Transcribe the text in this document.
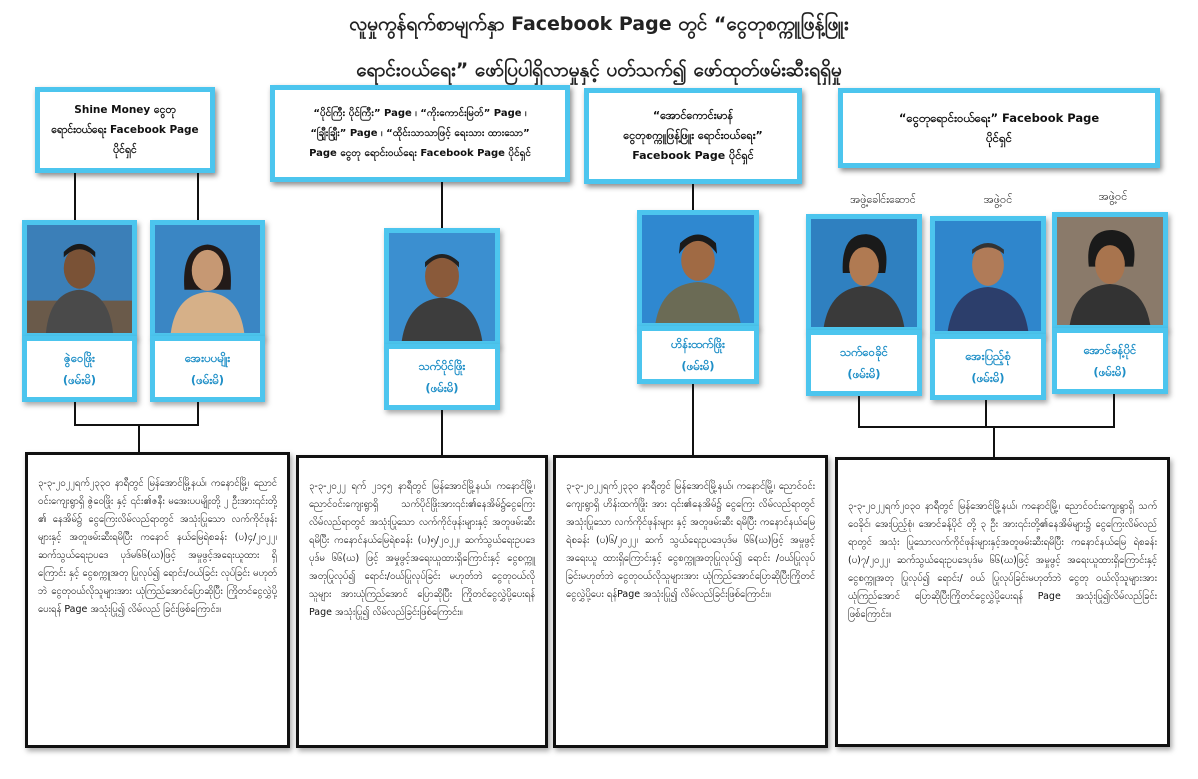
လူမှုကွန်ရက်စာမျက်နှာ Facebook Page တွင် “ငွေတုစက္ကူဖြန့်ဖြူး
ရောင်းဝယ်ရေး” ဖော်ပြပါရှိလာမှုနှင့် ပတ်သက်၍ ဖော်ထုတ်ဖမ်းဆီးရရှိမှု
Shine Money ငွေတု
ရောင်းဝယ်ရေး Facebook Page
ပိုင်ရှင်
ဇွဲဝေဖြိုး
(ဖမ်းမိ)
အေးပပမျိုး
(ဖမ်းမိ)
၃-၃-၂၀၂၂ရက်၂၃၃၀ နာရီတွင် မြန်အောင်မြို့နယ်၊ ကနောင်မြို့၊ ညောင်ဝင်းကျေးရွာရှိ ဇွဲဝေဖြိုး နှင့် ၎င်း၏ဇနီး မအေးပပမျိုးတို့ ၂ ဦးအား၎င်းတို့ ၏ နေအိမ်၌ ငွေကြေးလိမ်လည်ရာတွင် အသုံးပြုသော လက်ကိုင်ဖုန်းများနှင့် အတူဖမ်းဆီးရမိပြီး ကနောင် နယ်မြေရဲစခန်း (ပ)၄/၂၀၂၂၊ ဆက်သွယ်ရေးဥပဒေ ပုဒ်မ၆၆(ဃ)ဖြင့် အမှုဖွင့်အရေးယူထား ရှိကြောင်း နှင့် ငွေစက္ကူအတု ပြုလုပ်၍ ရောင်း/ဝယ်ခြင်း လုပ်ခြင်း မဟုတ်ဘဲ ငွေတုဝယ်လိုသူများအား ယုံကြည်အောင်ပြောဆိုပြီး ကြိုတင်ငွေလွှဲပို့ပေးရန် Page အသုံးပြု၍ လိမ်လည် ခြင်းဖြစ်ကြောင်း။
“ပိုင်ကြီး ပိုင်ကြီး” Page ၊ “ကိုးကောင်းမြတ်” Page ၊
“ချြီးချြီး” Page ၊ “ထိုင်းသာသာဖြင့် ရေးသား ထားသော”
Page ငွေတု ရောင်းဝယ်ရေး Facebook Page ပိုင်ရှင်
သက်ပိုင်ဖြိုး
(ဖမ်းမိ)
၃-၃-၂၀၂၂ ရက် ၂၁၄၅ နာရီတွင် မြန်အောင်မြို့နယ်၊ ကနောင်မြို့၊ ညောင်ဝင်းကျေးရွာရှိ သက်ပိုင်ဖြိုးအား၎င်း၏နေအိမ်၌ငွေကြေးလိမ်လည်ရာတွင် အသုံးပြုသော လက်ကိုင်ဖုန်းများနှင့် အတူဖမ်းဆီးရမိပြီး ကနောင်နယ်မြေရဲစခန်း (ပ)၅/၂၀၂၂၊ ဆက်သွယ်ရေးဥပဒေပုဒ်မ ၆၆(ဃ) ဖြင့် အမှုဖွင့်အရေးယူထားရှိကြောင်းနှင့် ငွေစက္ကူ အတုပြုလုပ်၍ ရောင်း/ဝယ်ပြုလုပ်ခြင်း မဟုတ်ဘဲ ငွေတုဝယ်လိုသူများ အားယုံကြည်အောင် ပြောဆိုပြီး ကြိုတင်ငွေလွှဲပို့ပေးရန် Page အသုံးပြု၍ လိမ်လည်ခြင်းဖြစ်ကြောင်း။
“အောင်ကောင်းမာန်
ငွေတုစက္ကူဖြန့်ဖြူး ရောင်းဝယ်ရေး”
Facebook Page ပိုင်ရှင်
ဟိန်းထက်ဖြိုး
(ဖမ်းမိ)
၃-၃-၂၀၂၂ရက်၂၃၃၀ နာရီတွင် မြန်အောင်မြို့နယ်၊ ကနောင်မြို့၊ ညောင်ဝင်းကျေးရွာရှိ ဟိန်းထက်ဖြိုး အား ၎င်း၏နေအိမ်၌ ငွေကြေး လိမ်လည်ရာတွင် အသုံးပြုသော လက်ကိုင်ဖုန်းများ နှင့် အတူဖမ်းဆီး ရမိပြီး ကနောင်နယ်မြေရဲစခန်း (ပ)၆/၂၀၂၂၊ ဆက် သွယ်ရေးဥပဒေပုဒ်မ ၆၆(ဃ)ဖြင့် အမှုဖွင့် အရေးယူ ထားရှိကြောင်းနှင့် ငွေစက္ကူအတုပြုလုပ်၍ ရောင်း /ဝယ်ပြုလုပ်ခြင်းမဟုတ်ဘဲ ငွေတုဝယ်လိုသူများအား ယုံကြည်အောင်ပြောဆိုပြီးကြိုတင်ငွေလွှဲပို့ပေး ရန်Page အသုံးပြု၍ လိမ်လည်ခြင်းဖြစ်ကြောင်း။
“ငွေတုရောင်းဝယ်ရေး” Facebook Page
ပိုင်ရှင်
အဖွဲ့ခေါင်းဆောင်	အဖွဲ့ဝင်	အဖွဲ့ဝင်
သက်ဝေခိုင်
(ဖမ်းမိ)
အေးပြည့်စုံ
(ဖမ်းမိ)
အောင်ခန့်ပိုင်
(ဖမ်းမိ)
၃-၃-၂၀၂၂ရက်၂၀၃၀ နာရီတွင် မြန်အောင်မြို့နယ်၊ ကနောင်မြို့၊ ညောင်ဝင်းကျေးရွာရှိ သက်ဝေခိုင်၊ အေးပြည့်စုံ၊ အောင်ခန့်ပိုင် တို့ ၃ ဦး အား၎င်းတို့၏နေအိမ်များ၌ ငွေကြေးလိမ်လည်ရာတွင် အသုံး ပြုသောလက်ကိုင်ဖုန်းများနှင့်အတူဖမ်းဆီးရမိပြီး ကနောင်နယ်မြေ ရဲစခန်း (ပ)၇/၂၀၂၂၊ ဆက်သွယ်ရေးဥပဒေပုဒ်မ ၆၆(ဃ)ဖြင့် အမှုဖွင့် အရေးယူထားရှိကြောင်းနှင့် ငွေစက္ကူအတု ပြုလုပ်၍ ရောင်း/ ဝယ် ပြုလုပ်ခြင်းမဟုတ်ဘဲ ငွေတု ဝယ်လိုသူများအား ယုံကြည်အောင် ပြောဆိုပြီးကြိုတင်ငွေလွှဲပို့ပေးရန် Page အသုံးပြု၍လိမ်လည်ခြင်း ဖြစ်ကြောင်း။
